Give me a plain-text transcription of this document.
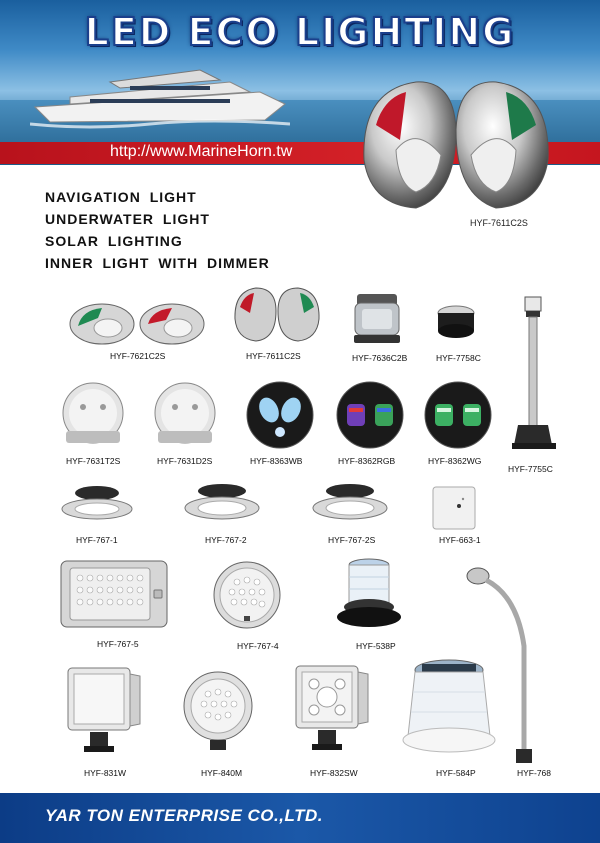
LED ECO LIGHTING
http://www.MarineHorn.tw
HYF-7611C2S
NAVIGATION LIGHT
UNDERWATER LIGHT
SOLAR LIGHTING
INNER LIGHT WITH DIMMER
HYF-7621C2S	HYF-7611C2S	HYF-7636C2B	HYF-7758C
HYF-7755C
HYF-7631T2S	HYF-7631D2S	HYF-8363WB	HYF-8362RGB	HYF-8362WG
HYF-767-1	HYF-767-2	HYF-767-2S	HYF-663-1
HYF-767-5	HYF-767-4	HYF-538P
HYF-768
HYF-831W	HYF-840M	HYF-832SW	HYF-584P
YAR TON ENTERPRISE CO.,LTD.
